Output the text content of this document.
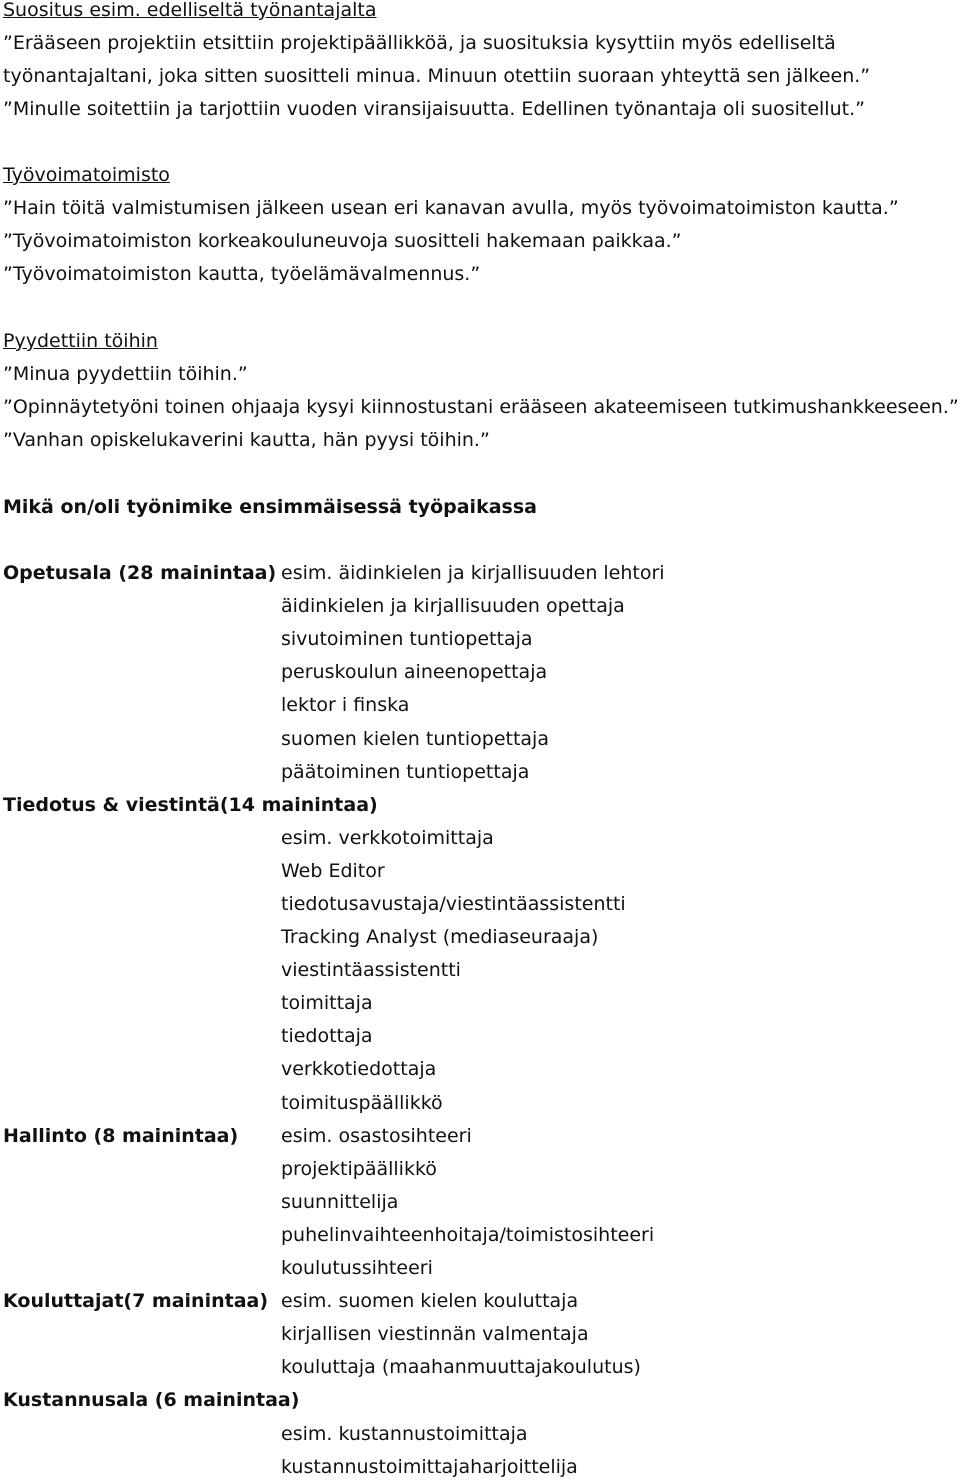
Suositus esim. edelliseltä työnantajalta
”Erääseen projektiin etsittiin projektipäällikköä, ja suosituksia kysyttiin myös edelliseltä
työnantajaltani, joka sitten suositteli minua. Minuun otettiin suoraan yhteyttä sen jälkeen.”
”Minulle soitettiin ja tarjottiin vuoden viransijaisuutta. Edellinen työnantaja oli suositellut.”
Työvoimatoimisto
”Hain töitä valmistumisen jälkeen usean eri kanavan avulla, myös työvoimatoimiston kautta.”
”Työvoimatoimiston korkeakouluneuvoja suositteli hakemaan paikkaa.”
”Työvoimatoimiston kautta, työelämävalmennus.”
Pyydettiin töihin
”Minua pyydettiin töihin.”
”Opinnäytetyöni toinen ohjaaja kysyi kiinnostustani erääseen akateemiseen tutkimushankkeeseen.”
”Vanhan opiskelukaverini kautta, hän pyysi töihin.”
Mikä on/oli työnimike ensimmäisessä työpaikassa
Opetusala (28 mainintaa) esim. äidinkielen ja kirjallisuuden lehtori
äidinkielen ja kirjallisuuden opettaja
sivutoiminen tuntiopettaja
peruskoulun aineenopettaja
lektor i finska
suomen kielen tuntiopettaja
päätoiminen tuntiopettaja
Tiedotus & viestintä(14 mainintaa)
esim. verkkotoimittaja
Web Editor
tiedotusavustaja/viestintäassistentti
Tracking Analyst (mediaseuraaja)
viestintäassistentti
toimittaja
tiedottaja
verkkotiedottaja
toimituspäällikkö
Hallinto (8 mainintaa) esim. osastosihteeri
projektipäällikkö
suunnittelija
puhelinvaihteenhoitaja/toimistosihteeri
koulutussihteeri
Kouluttajat(7 mainintaa) esim. suomen kielen kouluttaja
kirjallisen viestinnän valmentaja
kouluttaja (maahanmuuttajakoulutus)
Kustannusala (6 mainintaa)
esim. kustannustoimittaja
kustannustoimittajaharjoittelija
